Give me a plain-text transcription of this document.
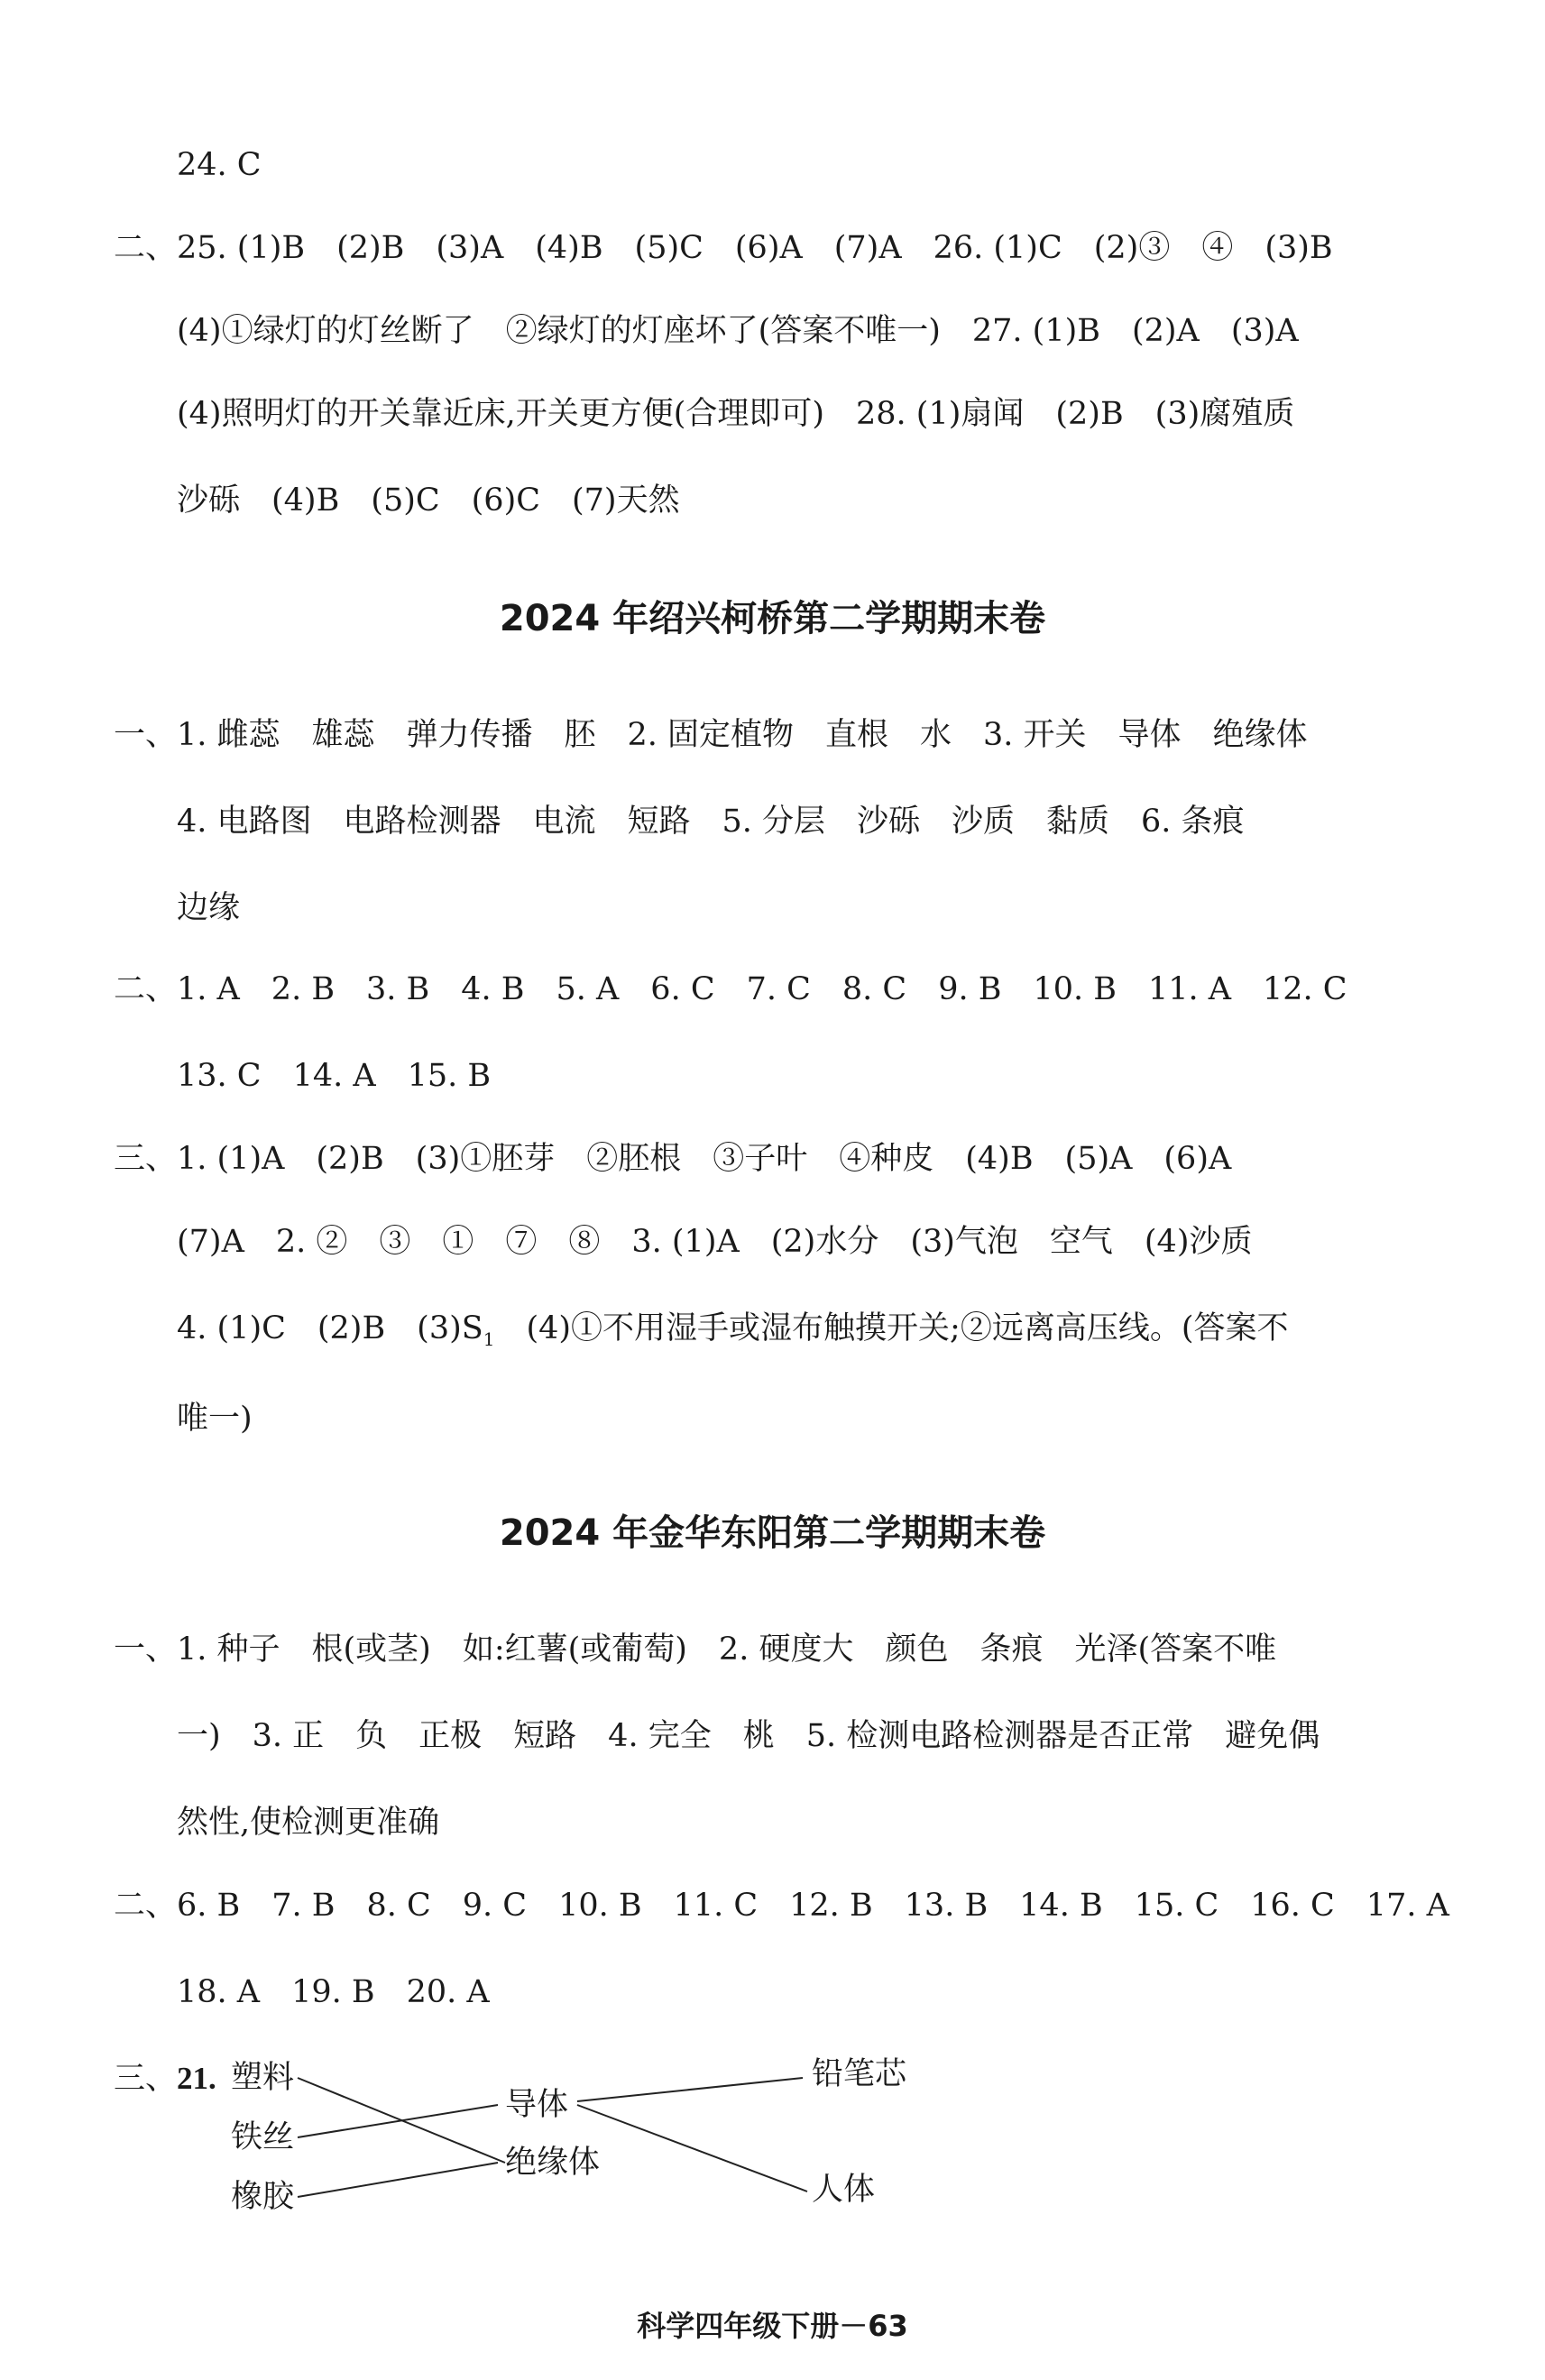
24. C
二、 25. (1)B　(2)B　(3)A　(4)B　(5)C　(6)A　(7)A　26. (1)C　(2)③　④　(3)B
(4)①绿灯的灯丝断了　②绿灯的灯座坏了(答案不唯一)　27. (1)B　(2)A　(3)A
(4)照明灯的开关靠近床,开关更方便(合理即可)　28. (1)扇闻　(2)B　(3)腐殖质
沙砾　(4)B　(5)C　(6)C　(7)天然
2024 年绍兴柯桥第二学期期末卷
一、 1. 雌蕊　雄蕊　弹力传播　胚　2. 固定植物　直根　水　3. 开关　导体　绝缘体
4. 电路图　电路检测器　电流　短路　5. 分层　沙砾　沙质　黏质　6. 条痕
边缘
二、 1. A　2. B　3. B　4. B　5. A　6. C　7. C　8. C　9. B　10. B　11. A　12. C
13. C　14. A　15. B
三、 1. (1)A　(2)B　(3)①胚芽　②胚根　③子叶　④种皮　(4)B　(5)A　(6)A
(7)A　2. ②　③　①　⑦　⑧　3. (1)A　(2)水分　(3)气泡　空气　(4)沙质
4. (1)C　(2)B　$(3)S_1$　(4)①不用湿手或湿布触摸开关;②远离高压线。(答案不
唯一)
2024 年金华东阳第二学期期末卷
一、 1. 种子　根(或茎)　如:红薯(或葡萄)　2. 硬度大　颜色　条痕　光泽(答案不唯
一)　3. 正　负　正极　短路　4. 完全　桃　5. 检测电路检测器是否正常　避免偶
然性,使检测更准确
二、 6. B　7. B　8. C　9. C　10. B　11. C　12. B　13. B　14. B　15. C　16. C　17. A
18. A　19. B　20. A
三、 21. 塑料
铁丝
橡胶
导体
绝缘体
铅笔芯
人体
科学四年级下册－63
